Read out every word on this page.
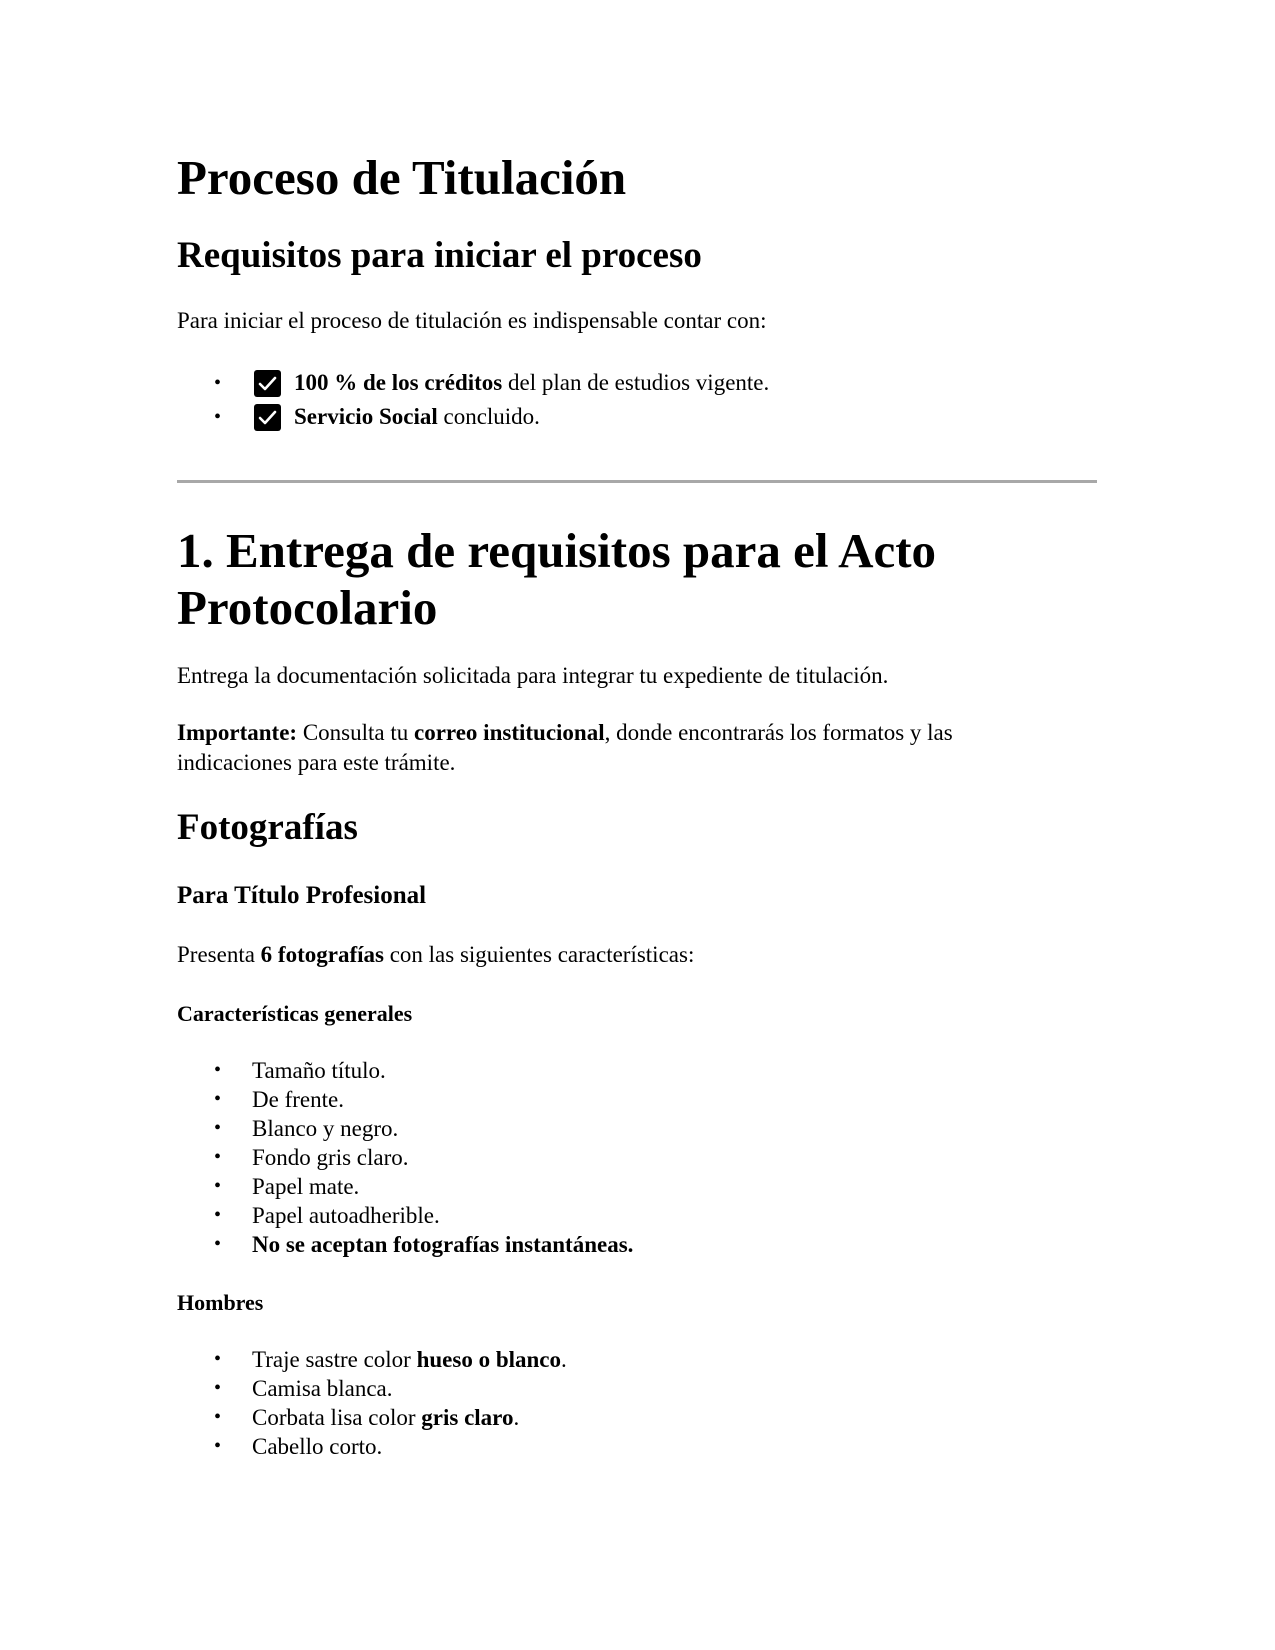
Proceso de Titulación
Requisitos para iniciar el proceso

Para iniciar el proceso de titulación es indispensable contar con:

•	100 % de los créditos del plan de estudios vigente.
•	Servicio Social concluido.
1. Entrega de requisitos para el Acto Protocolario

Entrega la documentación solicitada para integrar tu expediente de titulación.

Importante: Consulta tu correo institucional, donde encontrarás los formatos y las indicaciones para este trámite.

Fotografías
Para Título Profesional

Presenta 6 fotografías con las siguientes características:

Características generales
• Tamaño título.
• De frente.
• Blanco y negro.
• Fondo gris claro.
• Papel mate.
• Papel autoadherible.
• No se aceptan fotografías instantáneas.
Hombres
• Traje sastre color hueso o blanco.
• Camisa blanca.
• Corbata lisa color gris claro.
• Cabello corto.
